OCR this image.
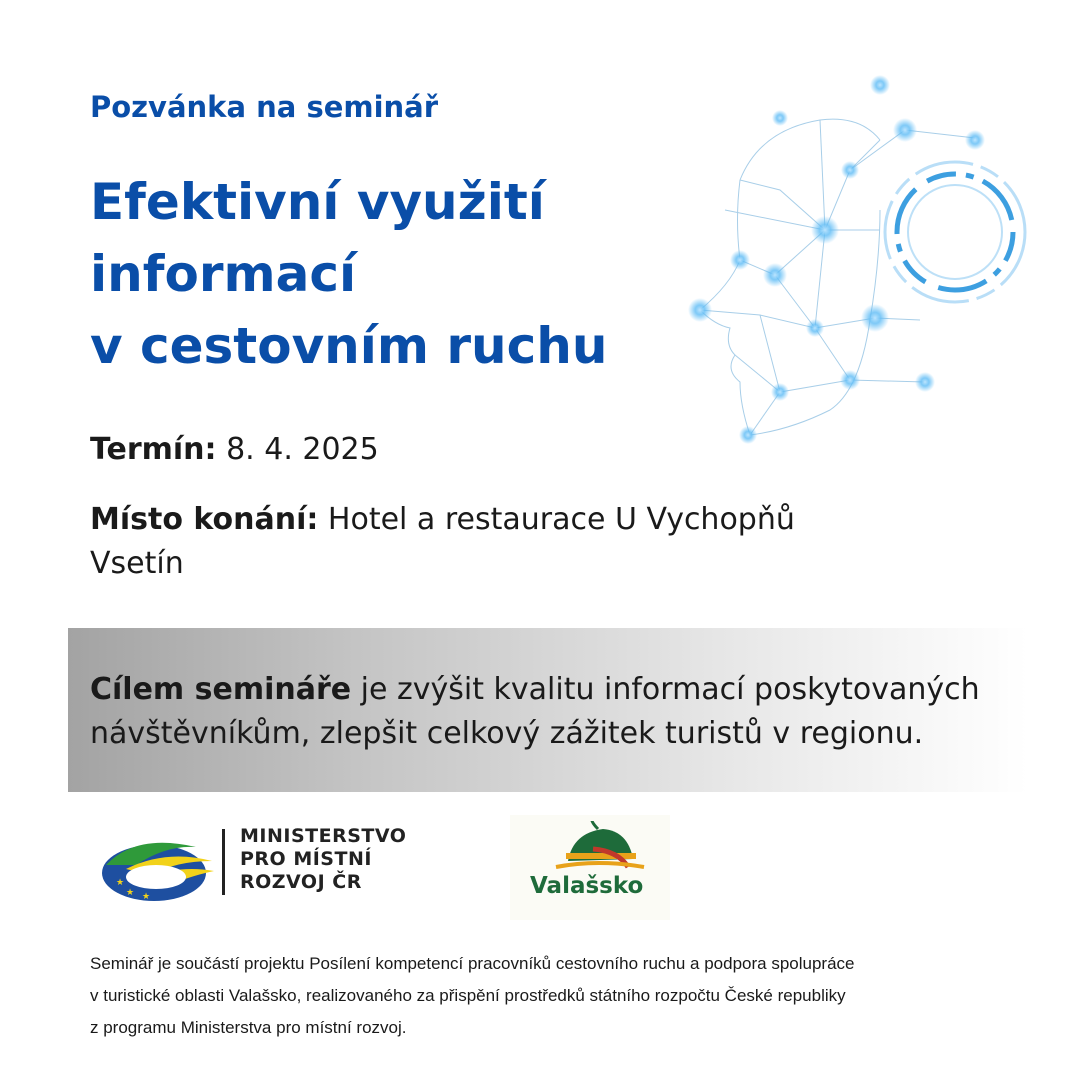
Pozvánka na seminář
Efektivní využití
informací
v cestovním ruchu
Termín: 8. 4. 2025
Místo konání: Hotel a restaurace U Vychopňů
Vsetín
Cílem semináře je zvýšit kvalitu informací poskytovaných
návštěvníkům, zlepšit celkový zážitek turistů v regionu.
★
★ ★
MINISTERSTVO
PRO MÍSTNÍ
ROZVOJ ČR	Valašsko
Seminář je součástí projektu Posílení kompetencí pracovníků cestovního ruchu a podpora spolupráce
v turistické oblasti Valašsko, realizovaného za přispění prostředků státního rozpočtu České republiky
z programu Ministerstva pro místní rozvoj.
